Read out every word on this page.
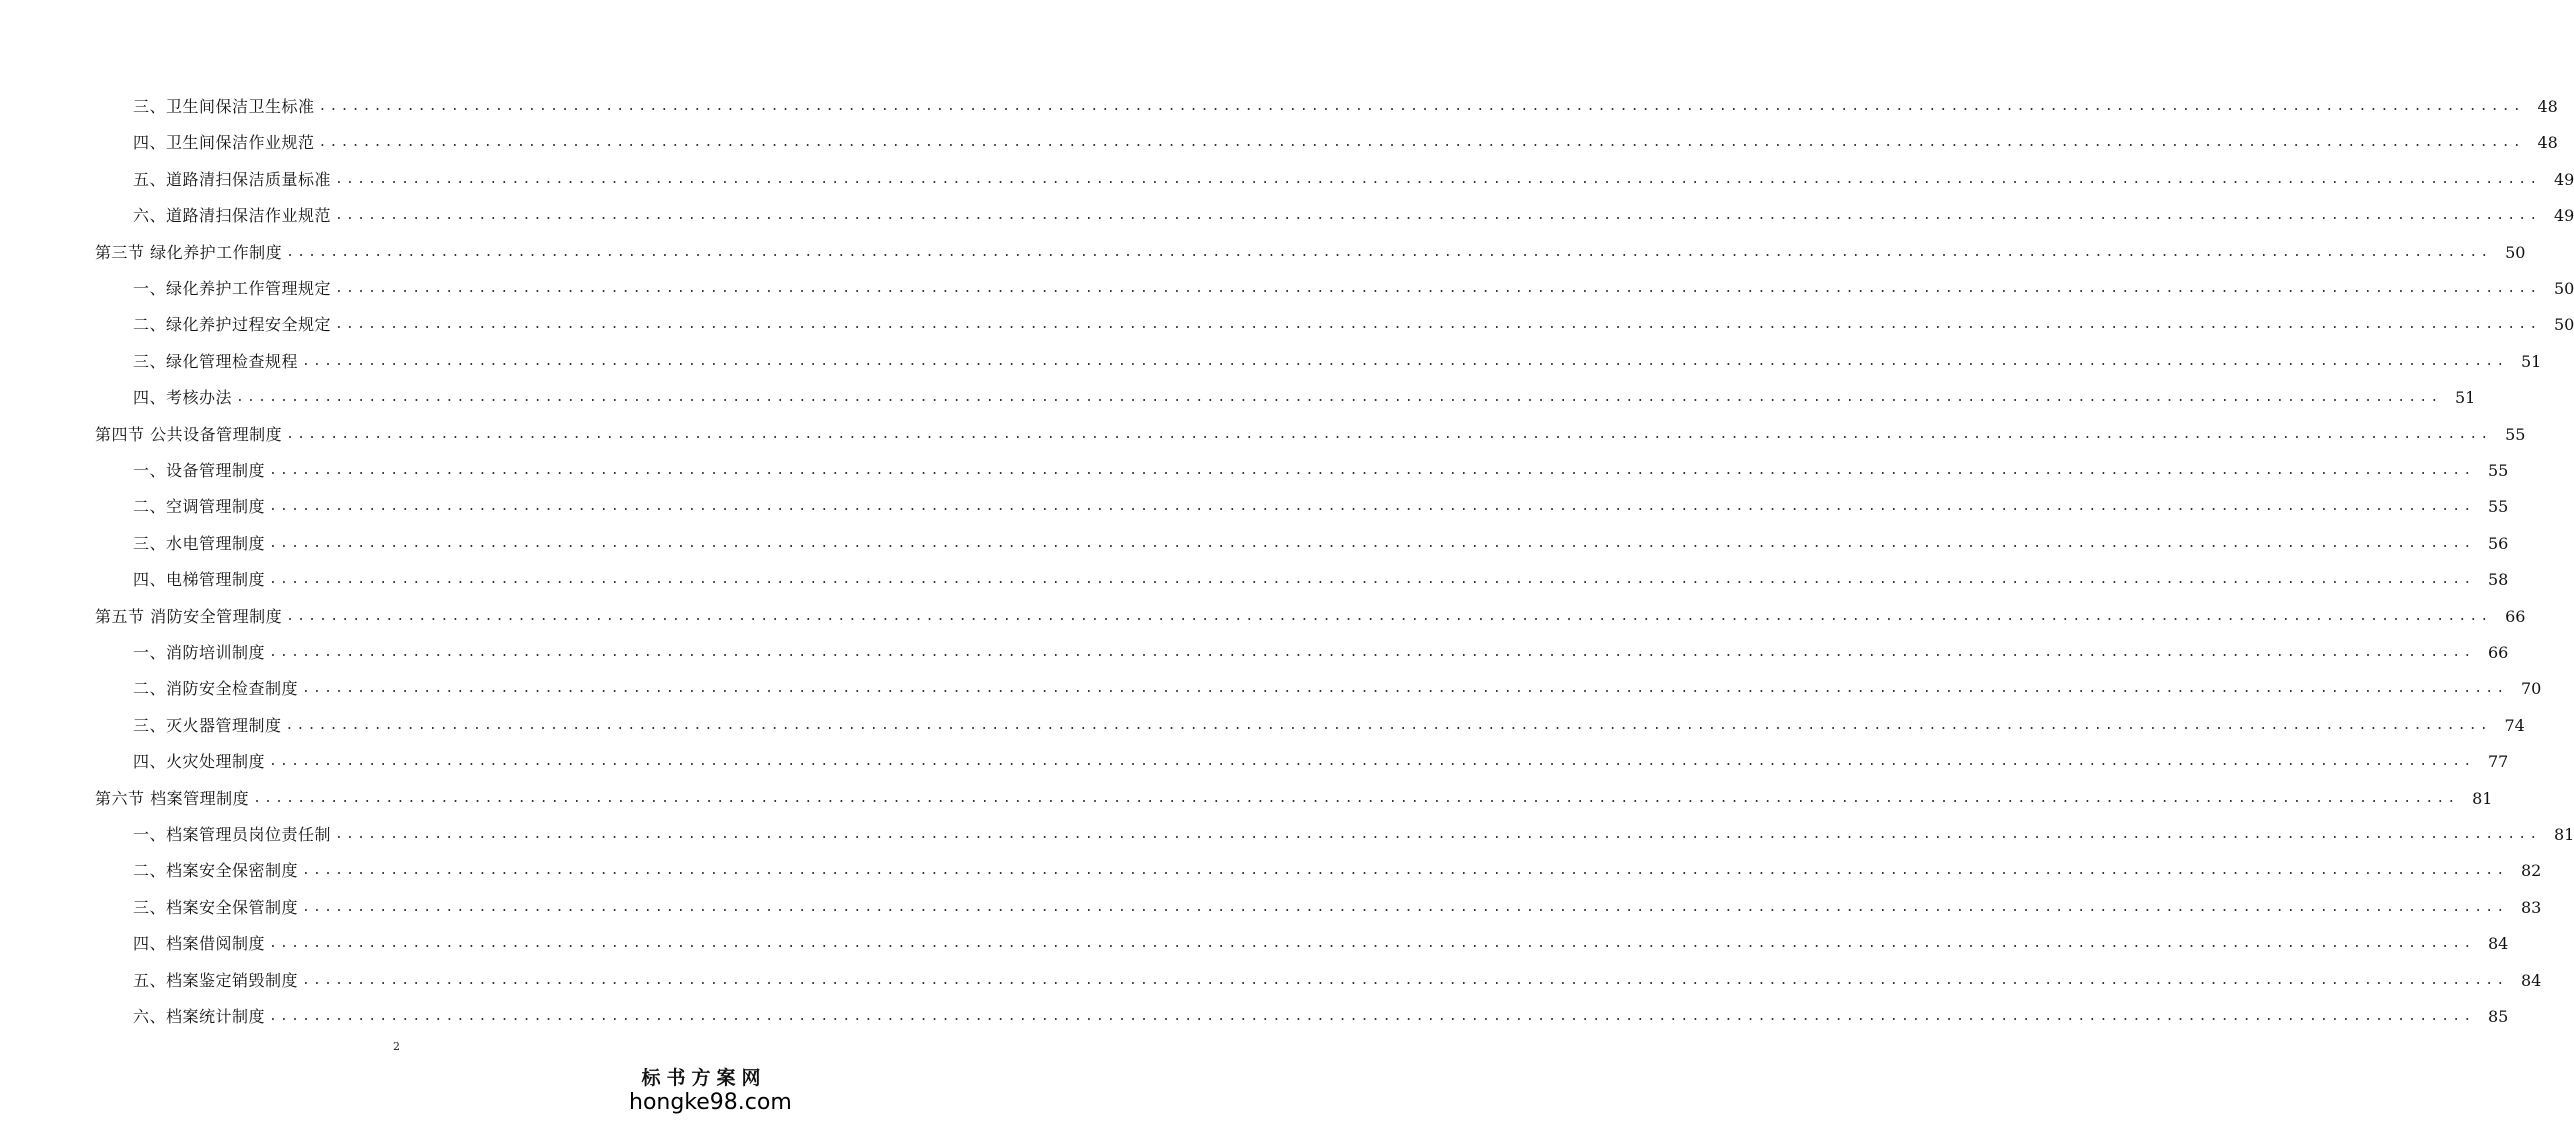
三、卫生间保洁卫生标准 ........................................................................................................................................................................................................ 48
四、卫生间保洁作业规范 ........................................................................................................................................................................................................ 48
五、道路清扫保洁质量标准 ........................................................................................................................................................................................................ 49
六、道路清扫保洁作业规范 ........................................................................................................................................................................................................ 49
第三节 绿化养护工作制度 ........................................................................................................................................................................................................ 50
一、绿化养护工作管理规定 ........................................................................................................................................................................................................ 50
二、绿化养护过程安全规定 ........................................................................................................................................................................................................ 50
三、绿化管理检查规程 ........................................................................................................................................................................................................ 51
四、考核办法 ........................................................................................................................................................................................................ 51
第四节 公共设备管理制度 ........................................................................................................................................................................................................ 55
一、设备管理制度 ........................................................................................................................................................................................................ 55
二、空调管理制度 ........................................................................................................................................................................................................ 55
三、水电管理制度 ........................................................................................................................................................................................................ 56
四、电梯管理制度 ........................................................................................................................................................................................................ 58
第五节 消防安全管理制度 ........................................................................................................................................................................................................ 66
一、消防培训制度 ........................................................................................................................................................................................................ 66
二、消防安全检查制度 ........................................................................................................................................................................................................ 70
三、灭火器管理制度 ........................................................................................................................................................................................................ 74
四、火灾处理制度 ........................................................................................................................................................................................................ 77
第六节 档案管理制度 ........................................................................................................................................................................................................ 81
一、档案管理员岗位责任制 ........................................................................................................................................................................................................ 81
二、档案安全保密制度 ........................................................................................................................................................................................................ 82
三、档案安全保管制度 ........................................................................................................................................................................................................ 83
四、档案借阅制度 ........................................................................................................................................................................................................ 84
五、档案鉴定销毁制度 ........................................................................................................................................................................................................ 84
六、档案统计制度 ........................................................................................................................................................................................................ 85
2
标书方案网
hongke98.com
